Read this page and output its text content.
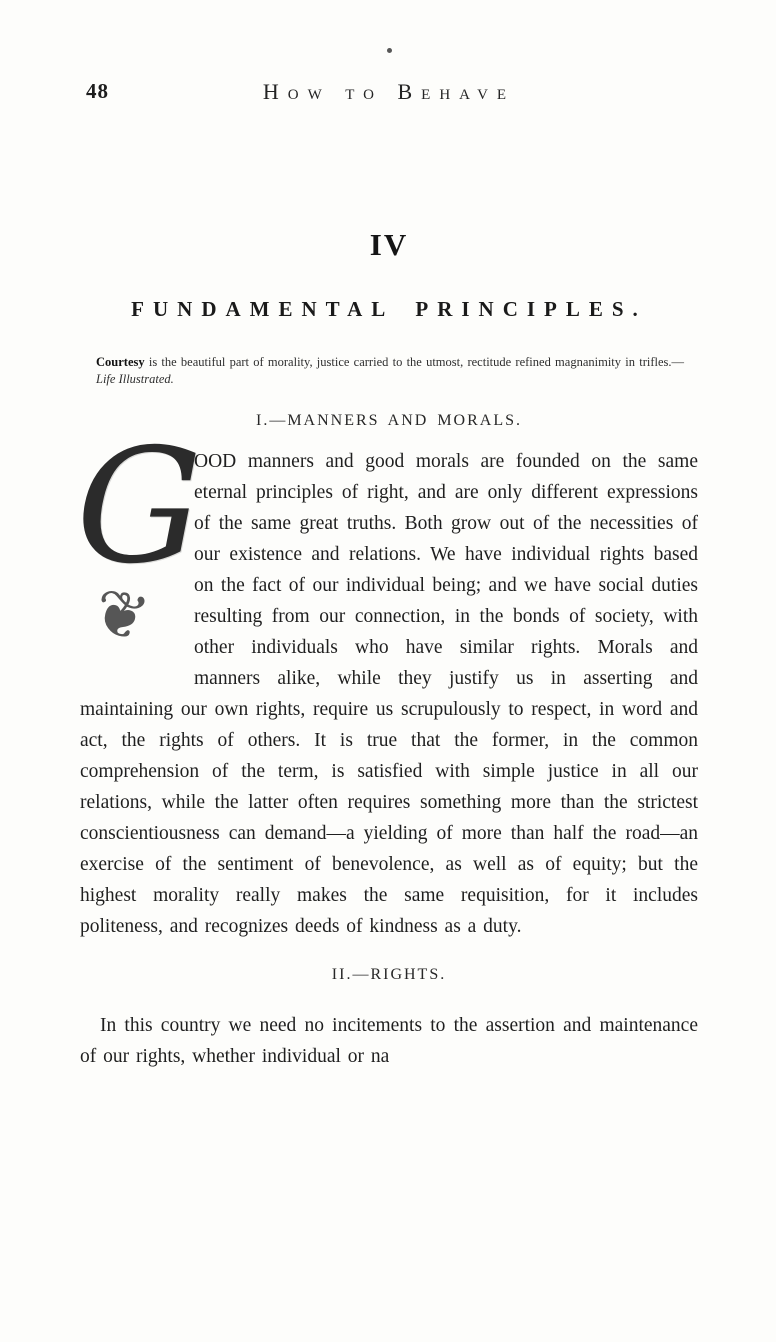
48	How to Behave
IV
FUNDAMENTAL PRINCIPLES.
Courtesy is the beautiful part of morality, justice carried to the utmost, rectitude refined magnanimity in trifles.—Life Illustrated.
I.—MANNERS AND MORALS.

G
❦
OOD manners and good morals are founded on the same eternal principles of right, and are only different expressions of the same great truths. Both grow out of the necessities of our existence and relations. We have individual rights based on the fact of our individual being; and we have social duties resulting from our connection, in the bonds of society, with other individuals who have similar rights. Morals and manners alike, while they justify us in asserting and maintaining our own rights, require us scrupulously to respect, in word and act, the rights of others. It is true that the former, in the common comprehension of the term, is satisfied with simple justice in all our relations, while the latter often requires something more than the strictest conscientiousness can demand—a yielding of more than half the road—an exercise of the sentiment of benevolence, as well as of equity; but the highest morality really makes the same requisition, for it includes politeness, and recognizes deeds of kindness as a duty.

II.—RIGHTS.

In this country we need no incitements to the assertion and maintenance of our rights, whether individual or na
